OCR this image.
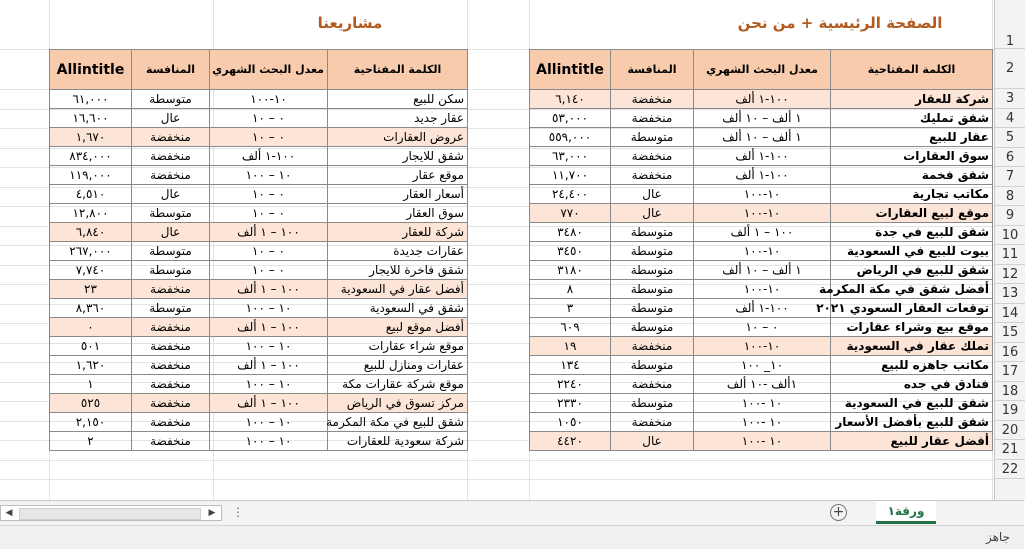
الصفحة الرئيسية + من نحن
مشاريعنا
الكلمة المفتاحية	معدل البحث الشهري	المنافسة	Allintitle
شركة للعقار	١٠٠-١ ألف	منخفضة	٦,١٤٠
شقق تمليك	١ ألف – ١٠ ألف	منخفضة	٥٣,٠٠٠
عقار للبيع	١ ألف – ١٠ ألف	متوسطة	٥٥٩,٠٠٠
سوق العقارات	١٠٠-١ ألف	منخفضة	٦٣,٠٠٠
شقق فخمة	١٠٠-١ ألف	منخفضة	١١,٧٠٠
مكاتب تجارية	١٠-١٠٠	عال	٢٤,٤٠٠
موقع لبيع العقارات	١٠-١٠٠	عال	٧٧٠
شقق للبيع في جدة	١٠٠ – ١ ألف	متوسطة	٣٤٨٠
بيوت للبيع في السعودية	١٠-١٠٠	متوسطة	٣٤٥٠
شقق للبيع في الرياض	١ ألف – ١٠ ألف	متوسطة	٣١٨٠
أفضل شقق في مكة المكرمة	١٠-١٠٠	متوسطة	٨
توقعات العقار السعودي ٢٠٢١	١٠٠-١ ألف	متوسطة	٣
موقع بيع وشراء عقارات	٠ – ١٠	متوسطة	٦٠٩
تملك عقار في السعودية	١٠-١٠٠	منخفضة	١٩
مكاتب جاهزه للبيع	١٠_ ١٠٠	متوسطة	١٣٤
فنادق في جده	١ألف -١٠ ألف	منخفضة	٢٢٤٠
شقق للبيع في السعودية	١٠ -١٠٠	متوسطة	٢٣٣٠
شقق للبيع بأفضل الأسعار	١٠ -١٠٠	منخفضة	١٠٥٠
أفضل عقار للبيع	١٠ -١٠٠	عال	٤٤٢٠
الكلمة المفتاحية	معدل البحث الشهري	المنافسة	Allintitle
سكن للبيع	١٠-١٠٠	متوسطة	٦١,٠٠٠
عقار جديد	٠ – ١٠	عال	١٦,٦٠٠
عروض العقارات	٠ – ١٠	منخفضة	١,٦٧٠
شقق للايجار	١٠٠-١ ألف	منخفضة	٨٣٤,٠٠٠
موقع عقار	١٠ – ١٠٠	منخفضة	١١٩,٠٠٠
أسعار العقار	٠ – ١٠	عال	٤,٥١٠
سوق العقار	٠ – ١٠	متوسطة	١٢,٨٠٠
شركة للعقار	١٠٠ – ١ ألف	عال	٦,٨٤٠
عقارات جديدة	٠ – ١٠	متوسطة	٢٦٧,٠٠٠
شقق فاخرة للايجار	٠ – ١٠	متوسطة	٧,٧٤٠
أفضل عقار في السعودية	١٠٠ – ١ ألف	منخفضة	٢٣
شقق في السعودية	١٠ – ١٠٠	متوسطة	٨,٣٦٠
أفضل موقع لبيع	١٠٠ – ١ ألف	منخفضة	٠
موقع شراء عقارات	١٠ – ١٠٠	منخفضة	٥٠١
عقارات ومنازل للبيع	١٠٠ – ١ ألف	منخفضة	١,٦٢٠
موقع شركة عقارات مكة	١٠ – ١٠٠	منخفضة	١
مركز تسوق في الرياض	١٠٠ – ١ ألف	منخفضة	٥٢٥
شقق للبيع في مكة المكرمة	١٠ – ١٠٠	منخفضة	٢,١٥٠
شركة سعودية للعقارات	١٠ – ١٠٠	منخفضة	٢
1
2
3
4
5
6
7
8
9
10
11
12
13
14
15
16
17
18
19
20
21
22
◀	▶ ⋮	+	ورقة١
جاهز
